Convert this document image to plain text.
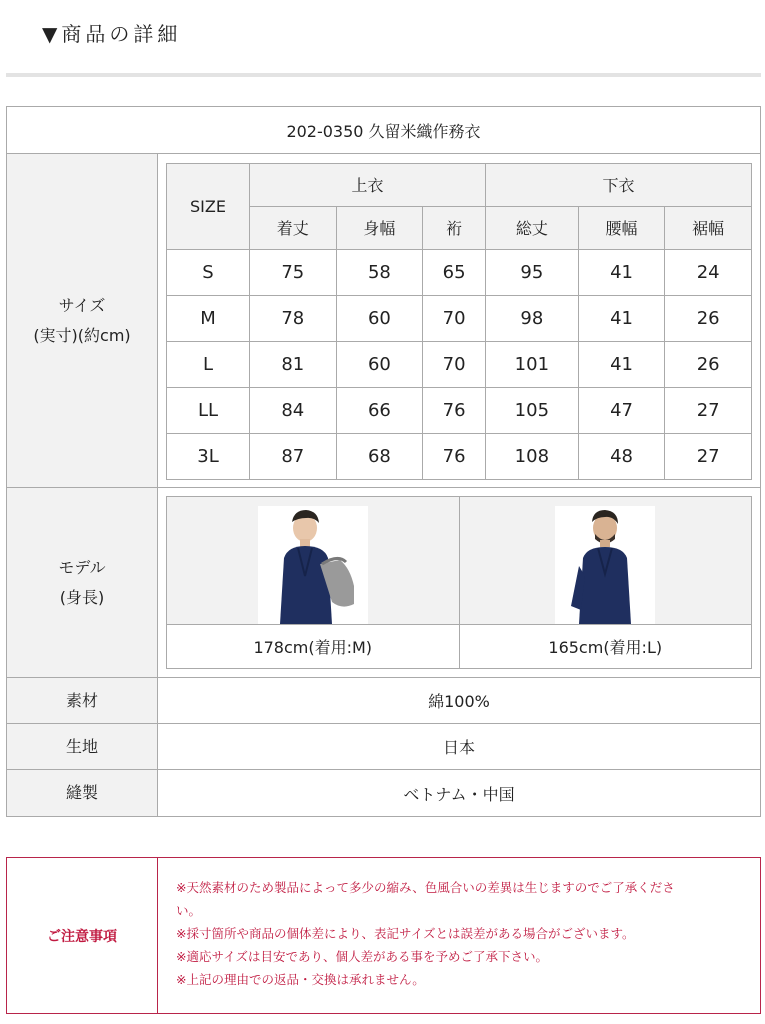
▼商品の詳細
202-0350 久留米織作務衣
サイズ
(実寸)(約cm)
SIZE	上衣			下衣		
	着丈	身幅	裄	総丈	腰幅	裾幅
S	75	58	65	95	41	24
M	78	60	70	98	41	26
L	81	60	70	101	41	26
LL	84	66	76	105	47	27
3L	87	68	76	108	48	27
モデル
(身長)
178cm(着用:M)	165cm(着用:L)
素材	綿100%
生地	日本
縫製	ベトナム・中国
ご注意事項
※天然素材のため製品によって多少の縮み、色風合いの差異は生じますのでご了承くださ
い。
※採寸箇所や商品の個体差により、表記サイズとは誤差がある場合がございます。
※適応サイズは目安であり、個人差がある事を予めご了承下さい。
※上記の理由での返品・交換は承れません。
